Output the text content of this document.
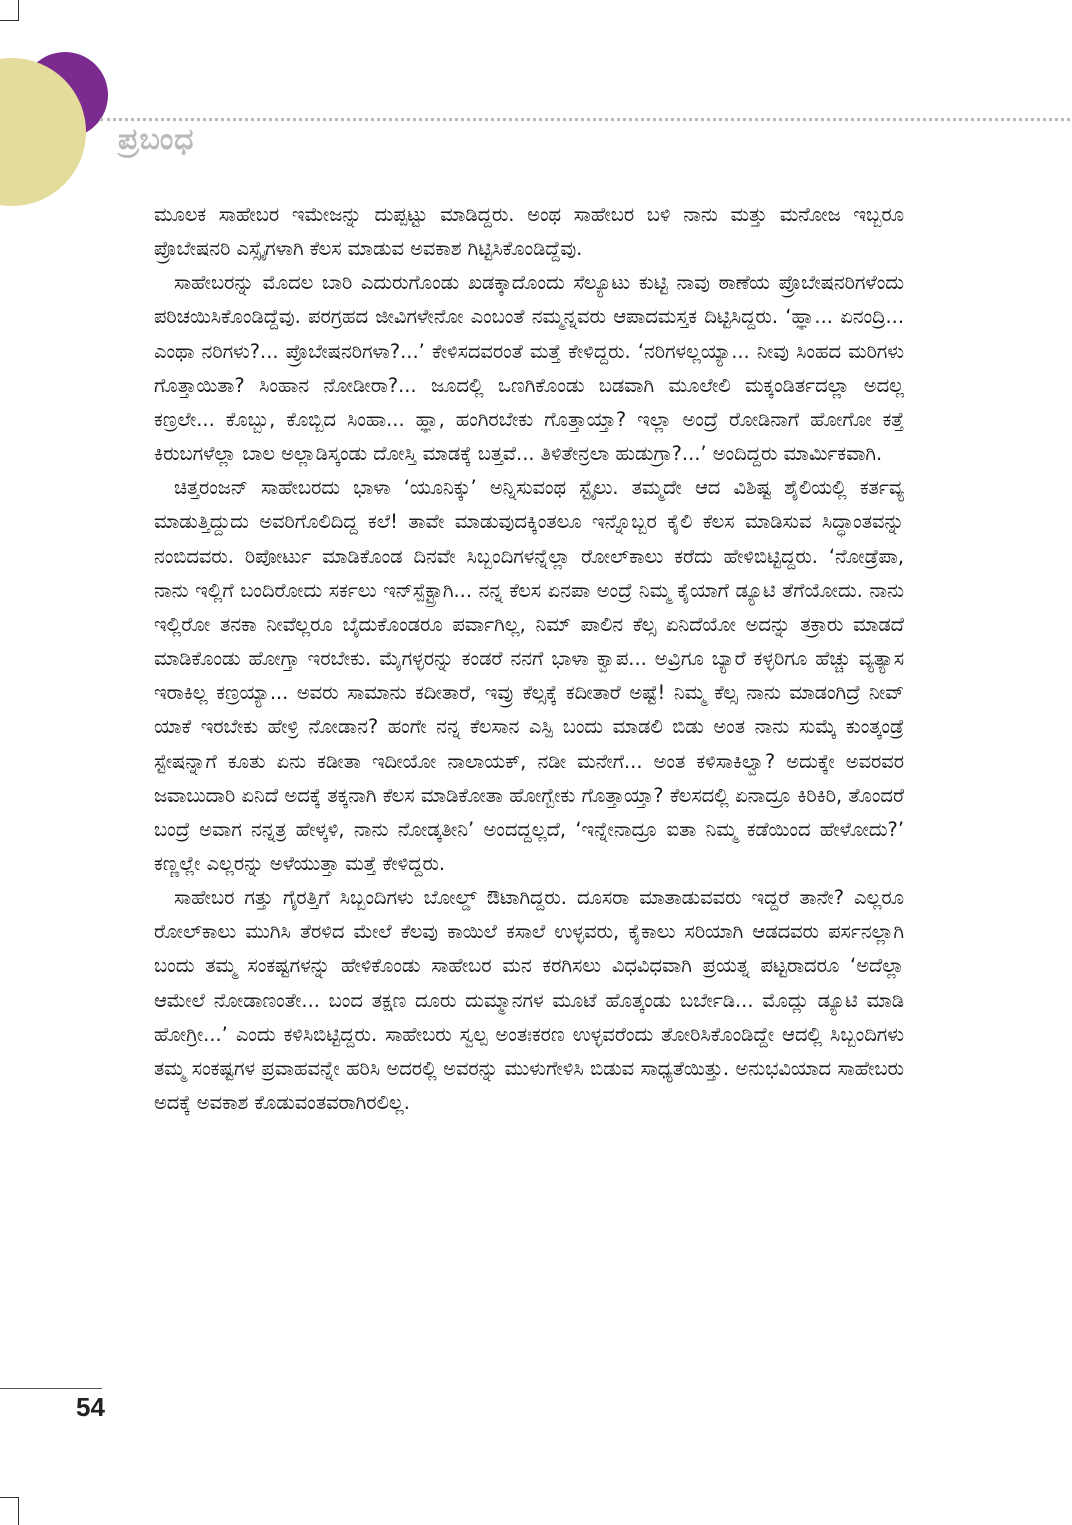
ಪ್ರಬಂಧ

ಮೂಲಕ ಸಾಹೇಬರ ಇಮೇಜನ್ನು ದುಪ್ಪಟ್ಟು ಮಾಡಿದ್ದರು. ಅಂಥ ಸಾಹೇಬರ ಬಳಿ ನಾನು ಮತ್ತು ಮನೋಜ ಇಬ್ಬರೂ ಪ್ರೊಬೇಷನರಿ ಎಸ್ಸೈಗಳಾಗಿ ಕೆಲಸ ಮಾಡುವ ಅವಕಾಶ ಗಿಟ್ಟಿಸಿಕೊಂಡಿದ್ದೆವು.

ಸಾಹೇಬರನ್ನು ಮೊದಲ ಬಾರಿ ಎದುರುಗೊಂಡು ಖಡಕ್ಕಾದೊಂದು ಸೆಲ್ಯೂಟು ಕುಟ್ಟಿ ನಾವು ಠಾಣೆಯ ಪ್ರೊಬೇಷನರಿಗಳೆಂದು ಪರಿಚಯಿಸಿಕೊಂಡಿದ್ದೆವು. ಪರಗ್ರಹದ ಜೀವಿಗಳೇನೋ ಎಂಬಂತೆ ನಮ್ಮನ್ನವರು ಆಪಾದಮಸ್ತಕ ದಿಟ್ಟಿಸಿದ್ದರು. ‘ಹ್ಞಾ... ಏನಂದ್ರಿ... ಎಂಥಾ ನರಿಗಳು?... ಪ್ರೊಬೇಷನರಿಗಳಾ?...’ ಕೇಳಿಸದವರಂತೆ ಮತ್ತೆ ಕೇಳಿದ್ದರು. ‘ನರಿಗಳಲ್ಲಯ್ಯಾ... ನೀವು ಸಿಂಹದ ಮರಿಗಳು ಗೊತ್ತಾಯಿತಾ? ಸಿಂಹಾನ ನೋಡೀರಾ?... ಜೂದಲ್ಲಿ ಒಣಗಿಕೊಂಡು ಬಡವಾಗಿ ಮೂಲೇಲಿ ಮಕ್ಕಂಡಿರ್ತದಲ್ಲಾ ಅದಲ್ಲ ಕಣ್ರಲೇ... ಕೊಬ್ಬು, ಕೊಬ್ಬಿದ ಸಿಂಹಾ... ಹ್ಞಾ, ಹಂಗಿರಬೇಕು ಗೊತ್ತಾಯ್ತಾ? ಇಲ್ಲಾ ಅಂದ್ರೆ ರೋಡಿನಾಗೆ ಹೋಗೋ ಕತ್ತೆ ಕಿರುಬಗಳೆಲ್ಲಾ ಬಾಲ ಅಲ್ಲಾಡಿಸ್ಕಂಡು ದೋಸ್ತಿ ಮಾಡಕ್ಕೆ ಬತ್ತವೆ... ತಿಳಿತೇನ್ರಲಾ ಹುಡುಗ್ರಾ?...’ ಅಂದಿದ್ದರು ಮಾರ್ಮಿಕವಾಗಿ.

ಚಿತ್ತರಂಜನ್ ಸಾಹೇಬರದು ಭಾಳಾ ‘ಯೂನಿಕ್ಕು’ ಅನ್ನಿಸುವಂಥ ಸ್ಟೈಲು. ತಮ್ಮದೇ ಆದ ವಿಶಿಷ್ಟ ಶೈಲಿಯಲ್ಲಿ ಕರ್ತವ್ಯ ಮಾಡುತ್ತಿದ್ದುದು ಅವರಿಗೊಲಿದಿದ್ದ ಕಲೆ! ತಾವೇ ಮಾಡುವುದಕ್ಕಿಂತಲೂ ಇನ್ನೊಬ್ಬರ ಕೈಲಿ ಕೆಲಸ ಮಾಡಿಸುವ ಸಿದ್ಧಾಂತವನ್ನು ನಂಬಿದವರು. ರಿಪೋರ್ಟು ಮಾಡಿಕೊಂಡ ದಿನವೇ ಸಿಬ್ಬಂದಿಗಳನ್ನೆಲ್ಲಾ ರೋಲ್‌ಕಾಲು ಕರೆದು ಹೇಳಿಬಿಟ್ಟಿದ್ದರು. ‘ನೋಡ್ರೆಪಾ, ನಾನು ಇಲ್ಲಿಗೆ ಬಂದಿರೋದು ಸರ್ಕಲು ಇನ್‌ಸ್ಪೆಕ್ಟ್ರಾಗಿ... ನನ್ನ ಕೆಲಸ ಏನಪಾ ಅಂದ್ರೆ ನಿಮ್ಮ ಕೈಯಾಗೆ ಡ್ಯೂಟಿ ತೆಗೆಯೋದು. ನಾನು ಇಲ್ಲಿರೋ ತನಕಾ ನೀವೆಲ್ಲರೂ ಬೈದುಕೊಂಡರೂ ಪರ್ವಾಗಿಲ್ಲ, ನಿಮ್ ಪಾಲಿನ ಕೆಲ್ಸ ಏನಿದೆಯೋ ಅದನ್ನು ತಕ್ರಾರು ಮಾಡದೆ ಮಾಡಿಕೊಂಡು ಹೋಗ್ತಾ ಇರಬೇಕು. ಮೈಗಳ್ಳರನ್ನು ಕಂಡರೆ ನನಗೆ ಭಾಳಾ ಕ್ವಾಪ... ಅವ್ರಿಗೂ ಬ್ಯಾರೆ ಕಳ್ಳರಿಗೂ ಹೆಚ್ಚು ವ್ಯತ್ಯಾಸ ಇರಾಕಿಲ್ಲ ಕಣ್ರಯ್ಯಾ... ಅವರು ಸಾಮಾನು ಕದೀತಾರೆ, ಇವ್ರು ಕೆಲ್ಸಕ್ಕೆ ಕದೀತಾರೆ ಅಷ್ಟೆ! ನಿಮ್ಮ ಕೆಲ್ಸ ನಾನು ಮಾಡಂಗಿದ್ರೆ ನೀವ್ ಯಾಕೆ ಇರಬೇಕು ಹೇಳ್ರಿ ನೋಡಾನ? ಹಂಗೇ ನನ್ನ ಕೆಲಸಾನ ಎಸ್ಪಿ ಬಂದು ಮಾಡಲಿ ಬಿಡು ಅಂತ ನಾನು ಸುಮ್ಕೆ ಕುಂತ್ಕಂಡ್ರೆ ಸ್ಟೇಷನ್ನಾಗೆ ಕೂತು ಏನು ಕಡೀತಾ ಇದೀಯೋ ನಾಲಾಯಕ್, ನಡೀ ಮನೇಗೆ... ಅಂತ ಕಳಿಸಾಕಿಲ್ವಾ? ಅದುಕ್ಕೇ ಅವರವರ ಜವಾಬುದಾರಿ ಏನಿದೆ ಅದಕ್ಕೆ ತಕ್ಕನಾಗಿ ಕೆಲಸ ಮಾಡಿಕೋತಾ ಹೋಗ್ಬೇಕು ಗೊತ್ತಾಯ್ತಾ? ಕೆಲಸದಲ್ಲಿ ಏನಾದ್ರೂ ಕಿರಿಕಿರಿ, ತೊಂದರೆ ಬಂದ್ರೆ ಅವಾಗ ನನ್ನತ್ರ ಹೇಳ್ಕಳಿ, ನಾನು ನೋಡ್ಕತೀನಿ’ ಅಂದದ್ದಲ್ಲದೆ, ‘ಇನ್ನೇನಾದ್ರೂ ಐತಾ ನಿಮ್ಮ ಕಡೆಯಿಂದ ಹೇಳೋದು?’ ಕಣ್ಣಲ್ಲೇ ಎಲ್ಲರನ್ನು ಅಳೆಯುತ್ತಾ ಮತ್ತೆ ಕೇಳಿದ್ದರು.

ಸಾಹೇಬರ ಗತ್ತು ಗೈರತ್ತಿಗೆ ಸಿಬ್ಬಂದಿಗಳು ಬೋಲ್ಡ್ ಔಟಾಗಿದ್ದರು. ದೂಸರಾ ಮಾತಾಡುವವರು ಇದ್ದರೆ ತಾನೇ? ಎಲ್ಲರೂ ರೋಲ್‌ಕಾಲು ಮುಗಿಸಿ ತೆರಳಿದ ಮೇಲೆ ಕೆಲವು ಕಾಯಿಲೆ ಕಸಾಲೆ ಉಳ್ಳವರು, ಕೈಕಾಲು ಸರಿಯಾಗಿ ಆಡದವರು ಪರ್ಸನಲ್ಲಾಗಿ ಬಂದು ತಮ್ಮ ಸಂಕಷ್ಟಗಳನ್ನು ಹೇಳಿಕೊಂಡು ಸಾಹೇಬರ ಮನ ಕರಗಿಸಲು ವಿಧವಿಧವಾಗಿ ಪ್ರಯತ್ನ ಪಟ್ಟರಾದರೂ ‘ಅದೆಲ್ಲಾ ಆಮೇಲೆ ನೋಡಾಣಂತೇ... ಬಂದ ತಕ್ಷಣ ದೂರು ದುಮ್ಮಾನಗಳ ಮೂಟೆ ಹೊತ್ಕಂಡು ಬರ್ಬೇಡಿ... ಮೊದ್ಲು ಡ್ಯೂಟಿ ಮಾಡಿ ಹೋಗ್ರೀ...’ ಎಂದು ಕಳಿಸಿಬಿಟ್ಟಿದ್ದರು. ಸಾಹೇಬರು ಸ್ವಲ್ಪ ಅಂತಃಕರಣ ಉಳ್ಳವರೆಂದು ತೋರಿಸಿಕೊಂಡಿದ್ದೇ ಆದಲ್ಲಿ ಸಿಬ್ಬಂದಿಗಳು ತಮ್ಮ ಸಂಕಷ್ಟಗಳ ಪ್ರವಾಹವನ್ನೇ ಹರಿಸಿ ಅದರಲ್ಲಿ ಅವರನ್ನು ಮುಳುಗೇಳಿಸಿ ಬಿಡುವ ಸಾಧ್ಯತೆಯಿತ್ತು. ಅನುಭವಿಯಾದ ಸಾಹೇಬರು ಅದಕ್ಕೆ ಅವಕಾಶ ಕೊಡುವಂತವರಾಗಿರಲಿಲ್ಲ.

54
